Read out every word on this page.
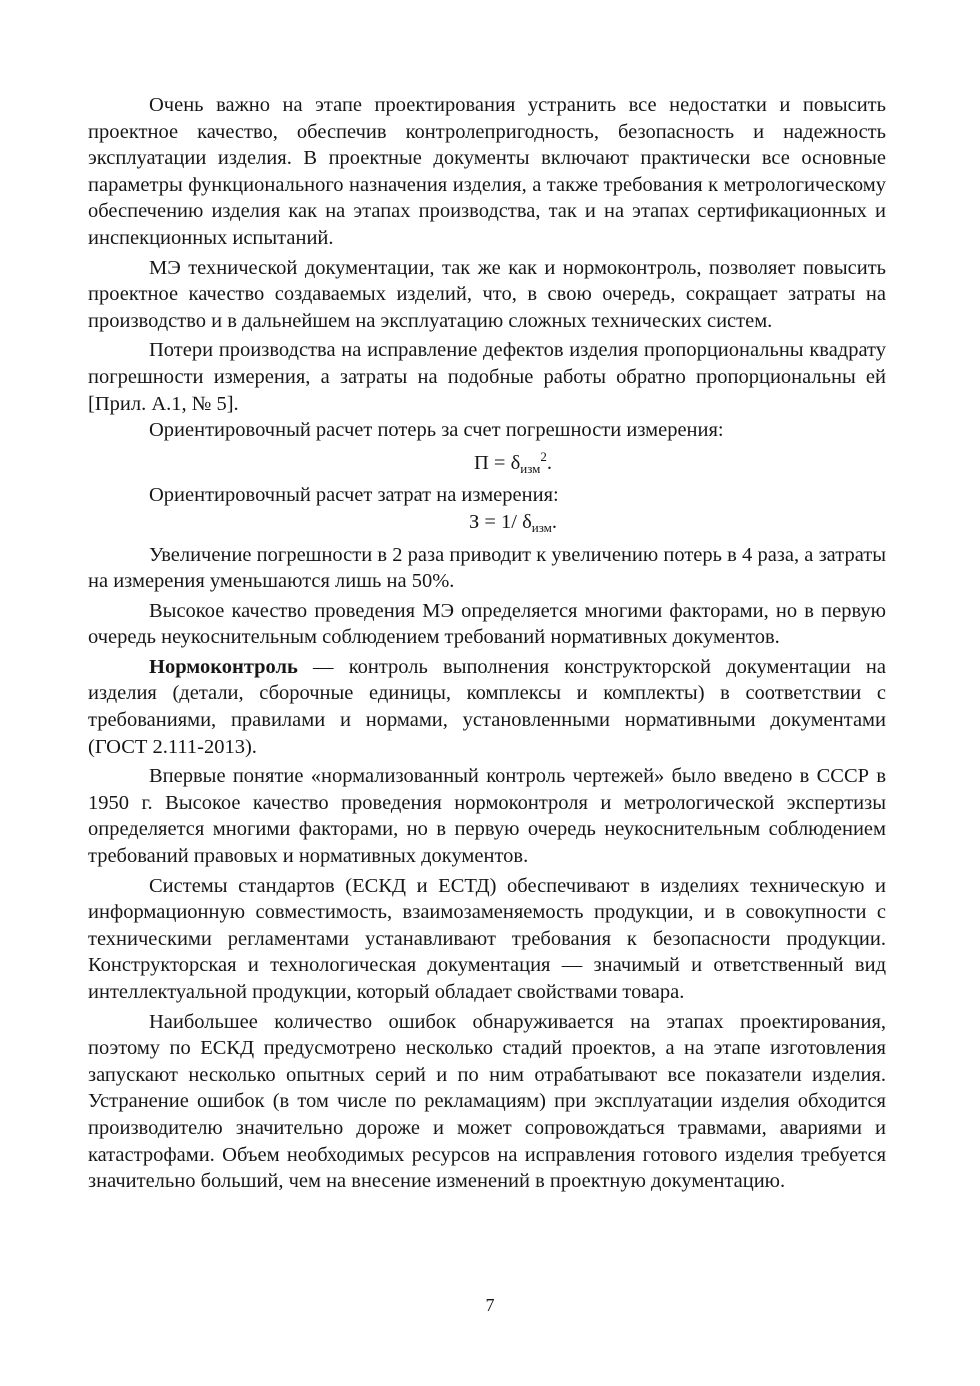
Очень важно на этапе проектирования устранить все недостатки и повысить проектное качество, обеспечив контролепригодность, безопасность и надежность эксплуатации изделия. В проектные документы включают практически все основные параметры функционального назначения изделия, а также требования к метрологическому обеспечению изделия как на этапах производства, так и на этапах сертификационных и инспекционных испытаний.

МЭ технической документации, так же как и нормоконтроль, позволяет повысить проектное качество создаваемых изделий, что, в свою очередь, сокращает затраты на производство и в дальнейшем на эксплуатацию сложных технических систем.

Потери производства на исправление дефектов изделия пропорциональны квадрату погрешности измерения, а затраты на подобные работы обратно пропорциональны ей [Прил. А.1, № 5].

Ориентировочный расчет потерь за счет погрешности измерения:

П = δизм$^2$.

Ориентировочный расчет затрат на измерения:

З = 1/ δизм.

Увеличение погрешности в 2 раза приводит к увеличению потерь в 4 раза, а затраты на измерения уменьшаются лишь на 50%.

Высокое качество проведения МЭ определяется многими факторами, но в первую очередь неукоснительным соблюдением требований нормативных документов.

Нормоконтроль — контроль выполнения конструкторской документации на изделия (детали, сборочные единицы, комплексы и комплекты) в соответствии с требованиями, правилами и нормами, установленными нормативными документами (ГОСТ 2.111-2013).

Впервые понятие «нормализованный контроль чертежей» было введено в СССР в 1950 г. Высокое качество проведения нормоконтроля и метрологической экспертизы определяется многими факторами, но в первую очередь неукоснительным соблюдением требований правовых и нормативных документов.

Системы стандартов (ЕСКД и ЕСТД) обеспечивают в изделиях техническую и информационную совместимость, взаимозаменяемость продукции, и в совокупности с техническими регламентами устанавливают требования к безопасности продукции. Конструкторская и технологическая документация — значимый и ответственный вид интеллектуальной продукции, который обладает свойствами товара.

Наибольшее количество ошибок обнаруживается на этапах проектирования, поэтому по ЕСКД предусмотрено несколько стадий проектов, а на этапе изготовления запускают несколько опытных серий и по ним отрабатывают все показатели изделия. Устранение ошибок (в том числе по рекламациям) при эксплуатации изделия обходится производителю значительно дороже и может сопровождаться травмами, авариями и катастрофами. Объем необходимых ресурсов на исправления готового изделия требуется значительно больший, чем на внесение изменений в проектную документацию.

7
